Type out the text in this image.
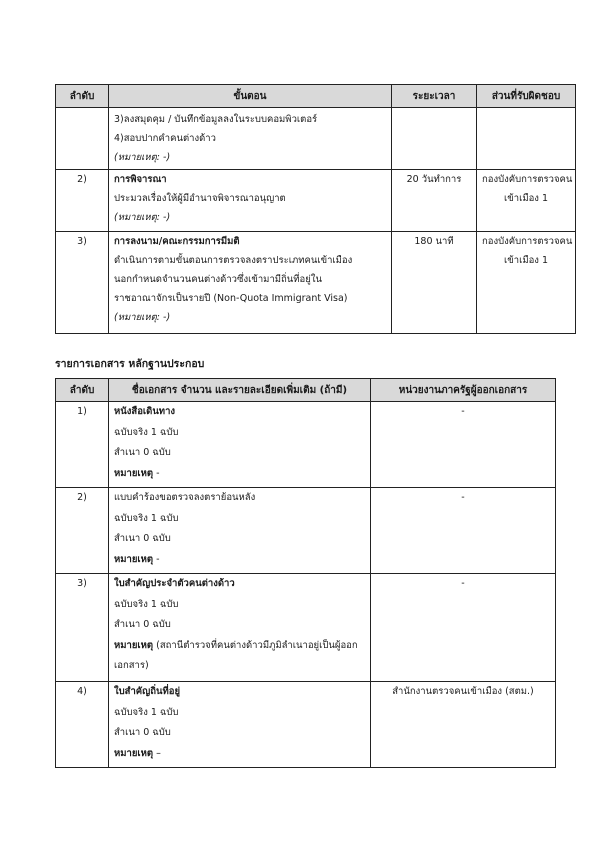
ลำดับ	ขั้นตอน	ระยะเวลา	ส่วนที่รับผิดชอบ

	3)ลงสมุดคุม / บันทึกข้อมูลลงในระบบคอมพิวเตอร์
4)สอบปากคำคนต่างด้าว
(หมายเหตุ: -)		

2)	การพิจารณา
ประมวลเรื่องให้ผู้มีอำนาจพิจารณาอนุญาต
(หมายเหตุ: -)	20 วันทำการ	กองบังคับการตรวจคน
เข้าเมือง 1

3)	การลงนาม/คณะกรรมการมีมติ
ดำเนินการตามขั้นตอนการตรวจลงตราประเภทคนเข้าเมือง
นอกกำหนดจำนวนคนต่างด้าวซึ่งเข้ามามีถิ่นที่อยู่ใน
ราชอาณาจักรเป็นรายปี (Non-Quota Immigrant Visa)
(หมายเหตุ: -)	180 นาที	กองบังคับการตรวจคน
เข้าเมือง 1
รายการเอกสาร หลักฐานประกอบ
ลำดับ	ชื่อเอกสาร จำนวน และรายละเอียดเพิ่มเติม (ถ้ามี)	หน่วยงานภาครัฐผู้ออกเอกสาร
1)	หนังสือเดินทาง
ฉบับจริง 1 ฉบับ
สำเนา 0 ฉบับ
หมายเหตุ -	-

2)	แบบคำร้องขอตรวจลงตราย้อนหลัง
ฉบับจริง 1 ฉบับ
สำเนา 0 ฉบับ
หมายเหตุ -	-

3)	ใบสำคัญประจำตัวคนต่างด้าว
ฉบับจริง 1 ฉบับ
สำเนา 0 ฉบับ
หมายเหตุ (สถานีตำรวจที่คนต่างด้าวมีภูมิลำเนาอยู่เป็นผู้ออก
เอกสาร)	-

4)	ใบสำคัญถิ่นที่อยู่
ฉบับจริง 1 ฉบับ
สำเนา 0 ฉบับ
หมายเหตุ –	สำนักงานตรวจคนเข้าเมือง (สตม.)
